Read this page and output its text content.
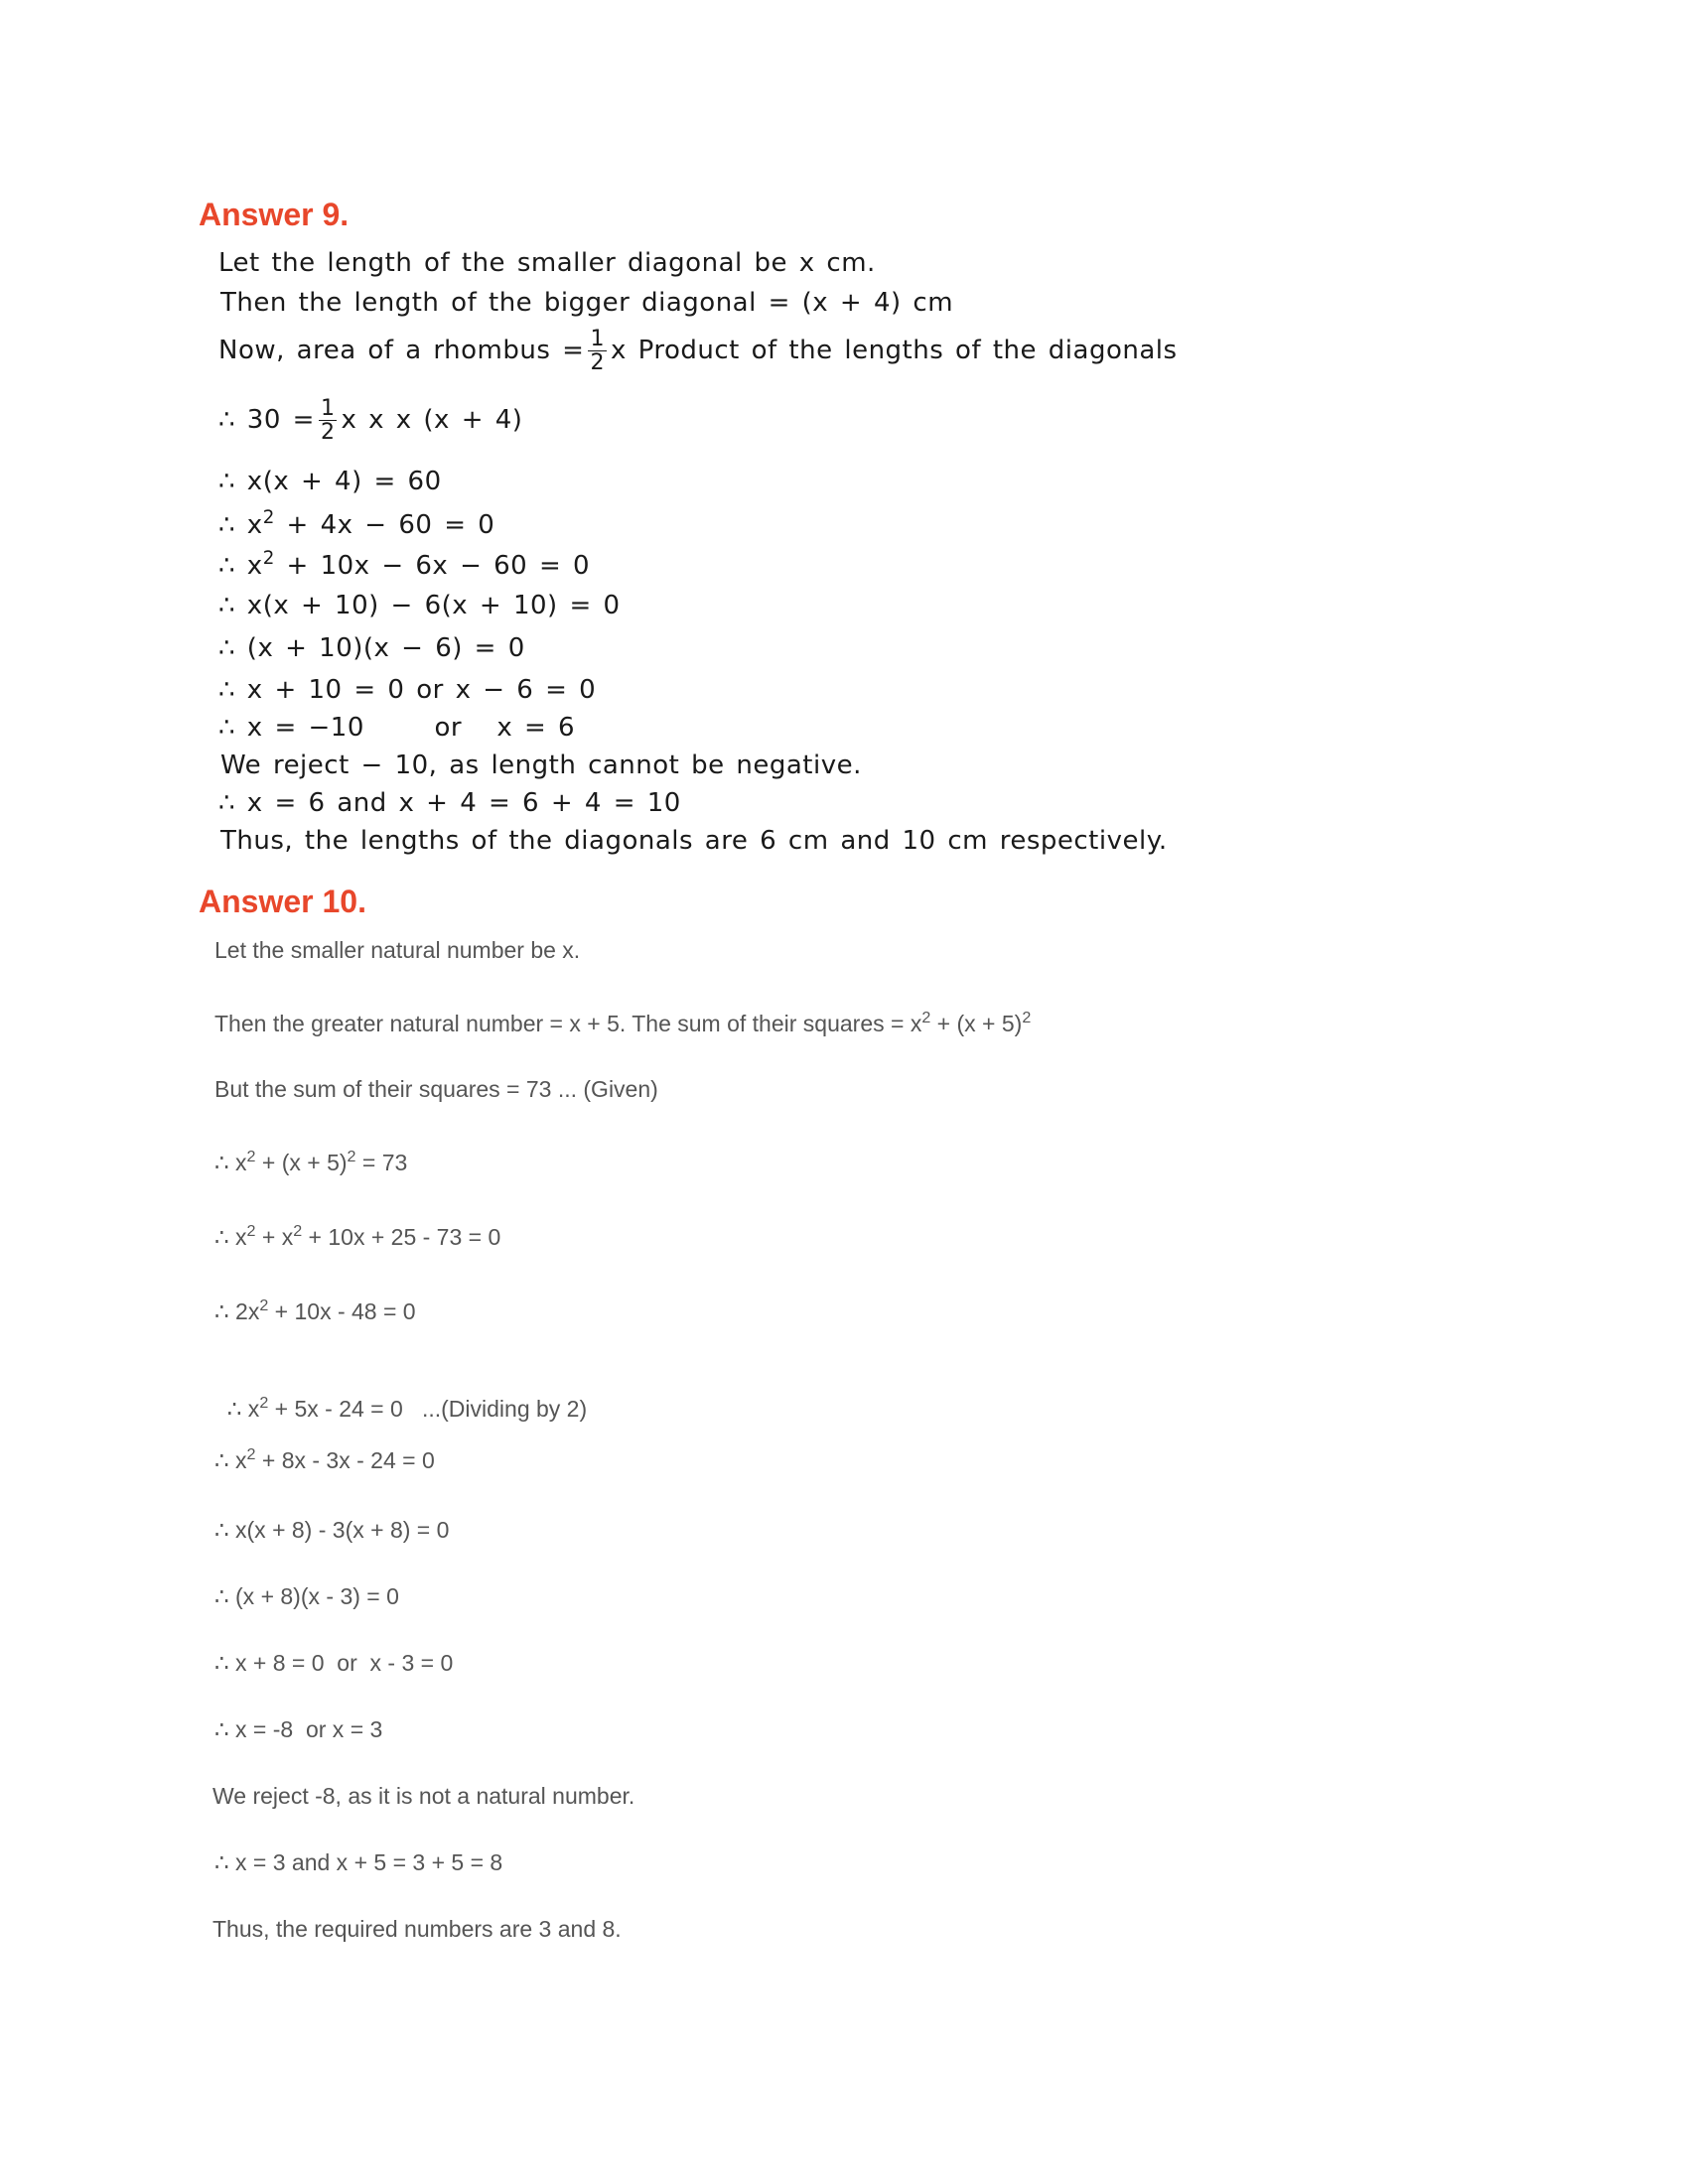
Answer 9.
Let the length of the smaller diagonal be x cm.
Then the length of the bigger diagonal = (x + 4) cm
Now, area of a rhombus = $\frac{1}{2}$ x Product of the lengths of the diagonals
∴ $30 = \frac{1}{2}$ x x x (x + 4)
∴ x(x + 4) = 60
∴ $x^2 + 4x - 60 = 0$
∴ $x^2 + 10x - 6x - 60 = 0$
∴ x(x + 10) − 6(x + 10) = 0
∴ (x + 10)(x − 6) = 0
∴ x + 10 = 0 or x − 6 = 0
∴ x = −10      or   x = 6
We reject − 10, as length cannot be negative.
∴ x = 6 and x + 4 = 6 + 4 = 10
Thus, the lengths of the diagonals are 6 cm and 10 cm respectively.
Answer 10.
Let the smaller natural number be x.
Then the greater natural number = x + 5. The sum of their squares = $x^2 + (x + 5)^2$
But the sum of their squares = 73 ... (Given)
∴ $x^2 + (x + 5)^2 = 73$
∴ $x^2 + x^2 + 10x + 25 - 73 = 0$
∴ $2x^2 + 10x - 48 = 0$

∴ $x^2 + 5x - 24 = 0$   ...(Dividing by 2)

∴ $x^2 + 8x - 3x - 24 = 0$
∴ x(x + 8) - 3(x + 8) = 0
∴ (x + 8)(x - 3) = 0
∴ x + 8 = 0  or  x - 3 = 0
∴ x = -8  or x = 3
We reject -8, as it is not a natural number.
∴ x = 3 and x + 5 = 3 + 5 = 8
Thus, the required numbers are 3 and 8.
